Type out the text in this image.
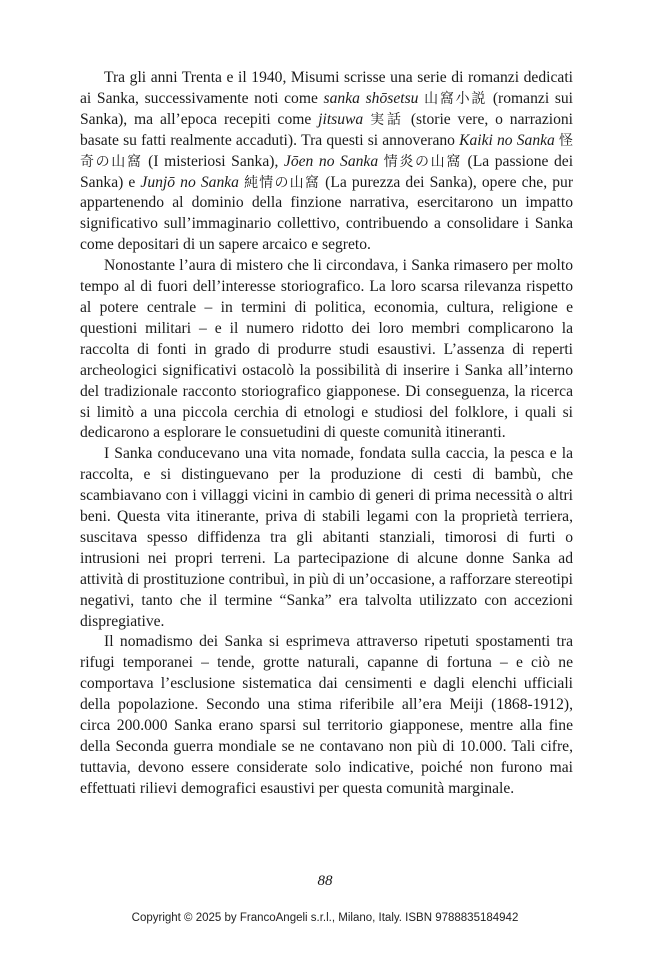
Tra gli anni Trenta e il 1940, Misumi scrisse una serie di romanzi dedicati ai Sanka, successivamente noti come sanka shōsetsu 山窩小説 (romanzi sui Sanka), ma all’epoca recepiti come jitsuwa 実話 (storie vere, o narrazioni basate su fatti realmente accaduti). Tra questi si annoverano Kaiki no Sanka 怪奇の山窩 (I misteriosi Sanka), Jōen no Sanka 情炎の山窩 (La passione dei Sanka) e Junjō no Sanka 純情の山窩 (La purezza dei Sanka), opere che, pur appartenendo al dominio della finzione narrativa, esercitarono un impatto significativo sull’immaginario collettivo, contribuendo a consolidare i Sanka come depositari di un sapere arcaico e segreto.

Nonostante l’aura di mistero che li circondava, i Sanka rimasero per molto tempo al di fuori dell’interesse storiografico. La loro scarsa rilevanza rispetto al potere centrale – in termini di politica, economia, cultura, religione e questioni militari – e il numero ridotto dei loro membri complicarono la raccolta di fonti in grado di produrre studi esaustivi. L’assenza di reperti archeologici significativi ostacolò la possibilità di inserire i Sanka all’interno del tradizionale racconto storiografico giapponese. Di conseguenza, la ricerca si limitò a una piccola cerchia di etnologi e studiosi del folklore, i quali si dedicarono a esplorare le consuetudini di queste comunità itineranti.

I Sanka conducevano una vita nomade, fondata sulla caccia, la pesca e la raccolta, e si distinguevano per la produzione di cesti di bambù, che scambiavano con i villaggi vicini in cambio di generi di prima necessità o altri beni. Questa vita itinerante, priva di stabili legami con la proprietà terriera, suscitava spesso diffidenza tra gli abitanti stanziali, timorosi di furti o intrusioni nei propri terreni. La partecipazione di alcune donne Sanka ad attività di prostituzione contribuì, in più di un’occasione, a rafforzare stereotipi negativi, tanto che il termine “Sanka” era talvolta utilizzato con accezioni dispregiative.

Il nomadismo dei Sanka si esprimeva attraverso ripetuti spostamenti tra rifugi temporanei – tende, grotte naturali, capanne di fortuna – e ciò ne comportava l’esclusione sistematica dai censimenti e dagli elenchi ufficiali della popolazione. Secondo una stima riferibile all’era Meiji (1868-1912), circa 200.000 Sanka erano sparsi sul territorio giapponese, mentre alla fine della Seconda guerra mondiale se ne contavano non più di 10.000. Tali cifre, tuttavia, devono essere considerate solo indicative, poiché non furono mai effettuati rilievi demografici esaustivi per questa comunità marginale.

88
Copyright © 2025 by FrancoAngeli s.r.l., Milano, Italy. ISBN 9788835184942
